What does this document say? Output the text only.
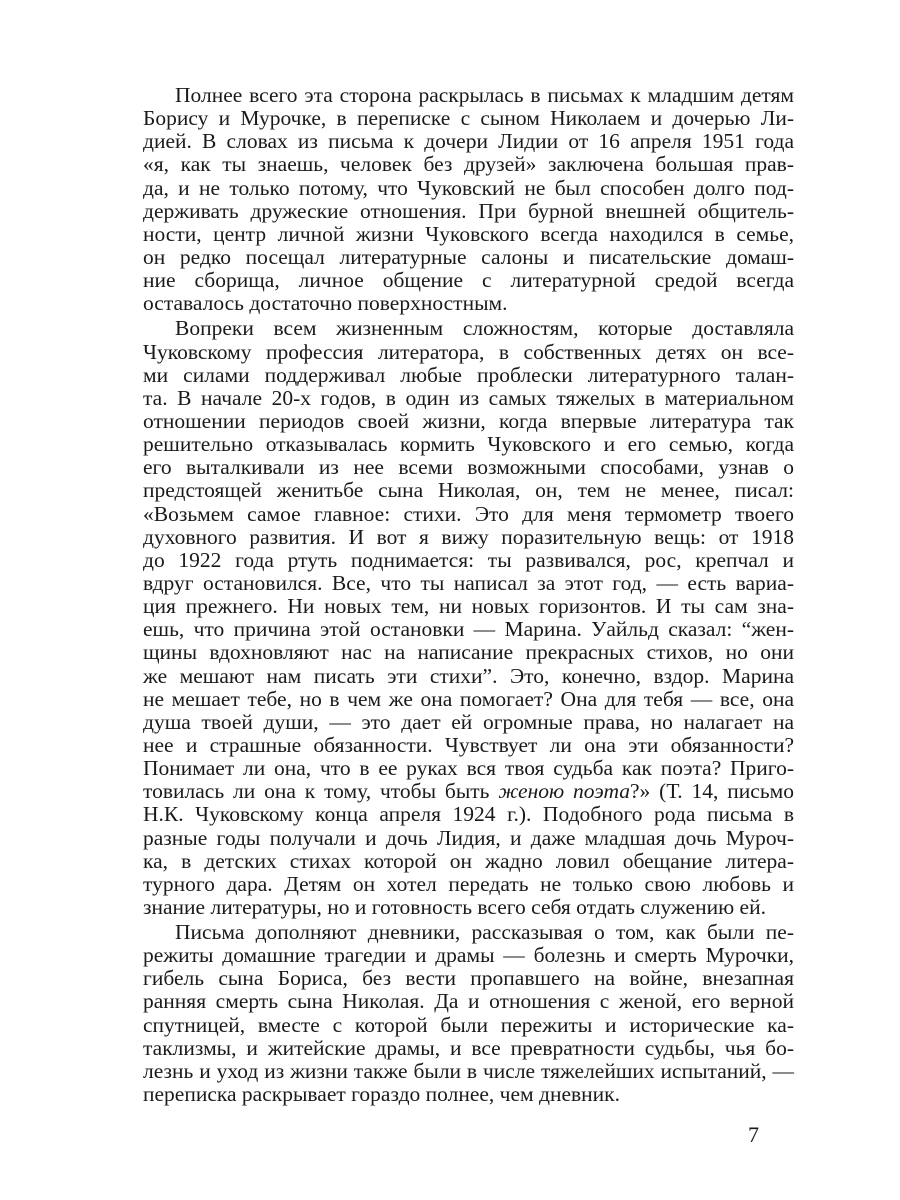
Полнее всего эта сторона раскрылась в письмах к младшим детям
Борису и Мурочке, в переписке с сыном Николаем и дочерью Ли-
дией. В словах из письма к дочери Лидии от 16 апреля 1951 года
«я, как ты знаешь, человек без друзей» заключена большая прав-
да, и не только потому, что Чуковский не был способен долго под-
держивать дружеские отношения. При бурной внешней общитель-
ности, центр личной жизни Чуковского всегда находился в семье,
он редко посещал литературные салоны и писательские домаш-
ние сборища, личное общение с литературной средой всегда
оставалось достаточно поверхностным.
Вопреки всем жизненным сложностям, которые доставляла
Чуковскому профессия литератора, в собственных детях он все-
ми силами поддерживал любые проблески литературного талан-
та. В начале 20-х годов, в один из самых тяжелых в материальном
отношении периодов своей жизни, когда впервые литература так
решительно отказывалась кормить Чуковского и его семью, когда
его выталкивали из нее всеми возможными способами, узнав о
предстоящей женитьбе сына Николая, он, тем не менее, писал:
«Возьмем самое главное: стихи. Это для меня термометр твоего
духовного развития. И вот я вижу поразительную вещь: от 1918
до 1922 года ртуть поднимается: ты развивался, рос, крепчал и
вдруг остановился. Все, что ты написал за этот год, — есть вариа-
ция прежнего. Ни новых тем, ни новых горизонтов. И ты сам зна-
ешь, что причина этой остановки — Марина. Уайльд сказал: “жен-
щины вдохновляют нас на написание прекрасных стихов, но они
же мешают нам писать эти стихи”. Это, конечно, вздор. Марина
не мешает тебе, но в чем же она помогает? Она для тебя — все, она
душа твоей души, — это дает ей огромные права, но налагает на
нее и страшные обязанности. Чувствует ли она эти обязанности?
Понимает ли она, что в ее руках вся твоя судьба как поэта? Приго-
товилась ли она к тому, чтобы быть женою поэта?» (Т. 14, письмо
Н.К. Чуковскому конца апреля 1924 г.). Подобного рода письма в
разные годы получали и дочь Лидия, и даже младшая дочь Муроч-
ка, в детских стихах которой он жадно ловил обещание литера-
турного дара. Детям он хотел передать не только свою любовь и
знание литературы, но и готовность всего себя отдать служению ей.
Письма дополняют дневники, рассказывая о том, как были пе-
режиты домашние трагедии и драмы — болезнь и смерть Мурочки,
гибель сына Бориса, без вести пропавшего на войне, внезапная
ранняя смерть сына Николая. Да и отношения с женой, его верной
спутницей, вместе с которой были пережиты и исторические ка-
таклизмы, и житейские драмы, и все превратности судьбы, чья бо-
лезнь и уход из жизни также были в числе тяжелейших испытаний, —
переписка раскрывает гораздо полнее, чем дневник.
7
